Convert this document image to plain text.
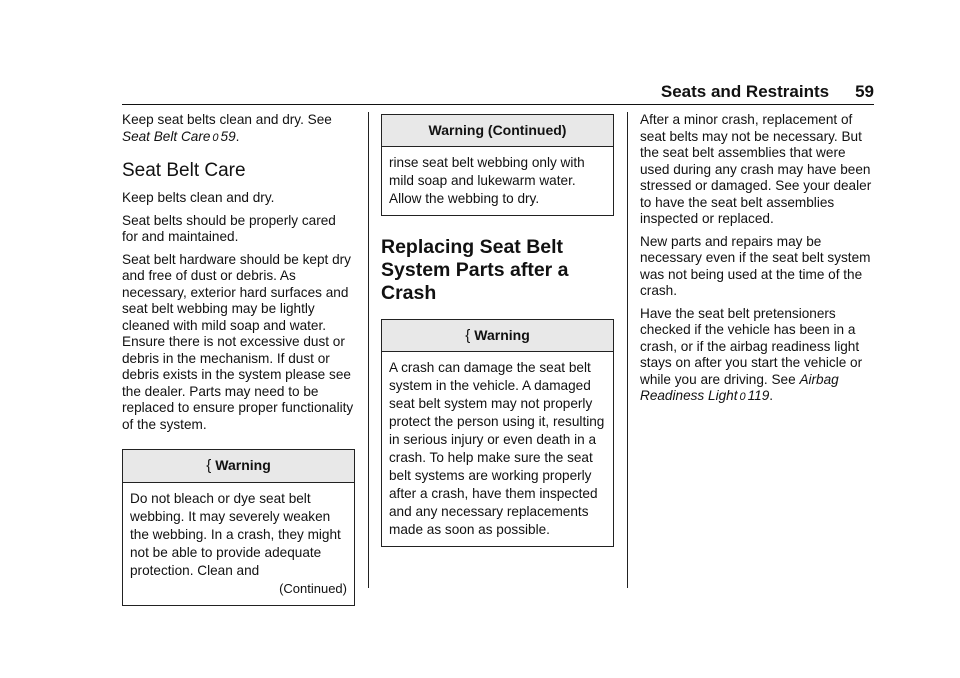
Seats and Restraints 59

Keep seat belts clean and dry. See Seat Belt Care 0 59.

Seat Belt Care

Keep belts clean and dry.

Seat belts should be properly cared for and maintained.

Seat belt hardware should be kept dry and free of dust or debris. As necessary, exterior hard surfaces and seat belt webbing may be lightly cleaned with mild soap and water. Ensure there is not excessive dust or debris in the mechanism. If dust or debris exists in the system please see the dealer. Parts may need to be replaced to ensure proper functionality of the system.

{ Warning
Do not bleach or dye seat belt webbing. It may severely weaken the webbing. In a crash, they might not be able to provide adequate protection. Clean and
(Continued)
Warning (Continued)
rinse seat belt webbing only with mild soap and lukewarm water. Allow the webbing to dry.
Replacing Seat Belt System Parts after a Crash
{ Warning
A crash can damage the seat belt system in the vehicle. A damaged seat belt system may not properly protect the person using it, resulting in serious injury or even death in a crash. To help make sure the seat belt systems are working properly after a crash, have them inspected and any necessary replacements made as soon as possible.

After a minor crash, replacement of seat belts may not be necessary. But the seat belt assemblies that were used during any crash may have been stressed or damaged. See your dealer to have the seat belt assemblies inspected or replaced.

New parts and repairs may be necessary even if the seat belt system was not being used at the time of the crash.

Have the seat belt pretensioners checked if the vehicle has been in a crash, or if the airbag readiness light stays on after you start the vehicle or while you are driving. See Airbag Readiness Light 0 119.
